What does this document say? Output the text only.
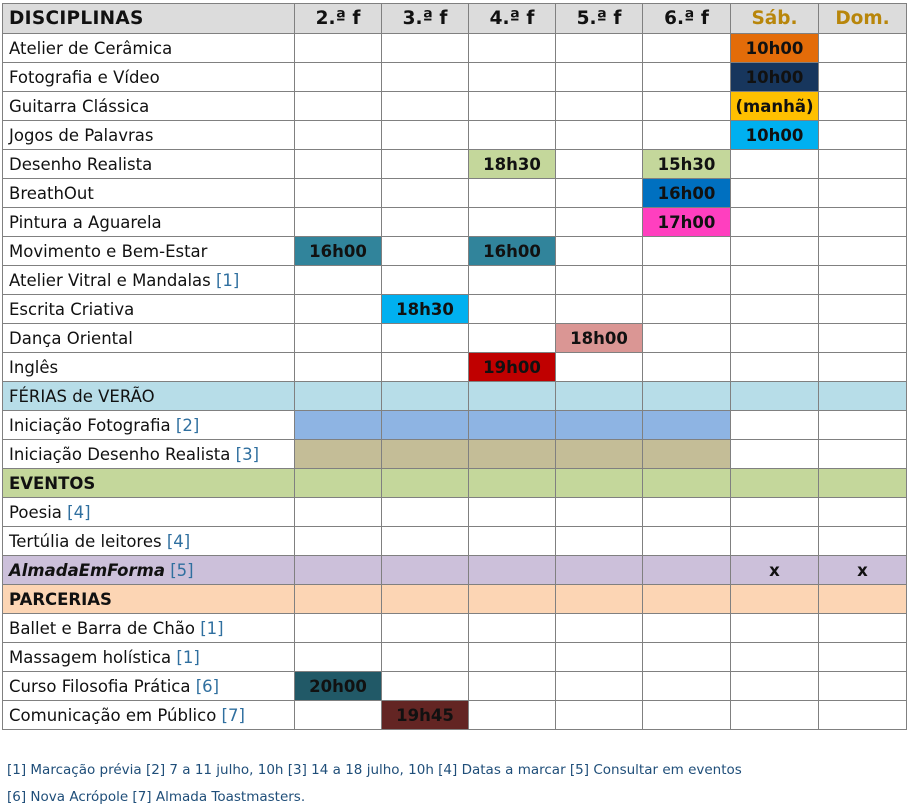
DISCIPLINAS	2.ª f	3.ª f	4.ª f	5.ª f	6.ª f	Sáb.	Dom.
Atelier de Cerâmica						10h00	
Fotografia e Vídeo						10h00	
Guitarra Clássica						(manhã)	
Jogos de Palavras						10h00	
Desenho Realista			18h30		15h30		
BreathOut					16h00		
Pintura a Aguarela					17h00		
Movimento e Bem-Estar	16h00		16h00				
Atelier Vitral e Mandalas [1]							
Escrita Criativa		18h30					
Dança Oriental				18h00			
Inglês			19h00				
FÉRIAS de VERÃO							
Iniciação Fotografia [2]							
Iniciação Desenho Realista [3]							
EVENTOS							
Poesia [4]							
Tertúlia de leitores [4]							
AlmadaEmForma [5]						x	x
PARCERIAS							
Ballet e Barra de Chão [1]							
Massagem holística [1]							
Curso Filosofia Prática [6]	20h00						
Comunicação em Público [7]		19h45					
[1] Marcação prévia [2] 7 a 11 julho, 10h [3] 14 a 18 julho, 10h [4] Datas a marcar [5] Consultar em eventos
[6] Nova Acrópole [7] Almada Toastmasters.
